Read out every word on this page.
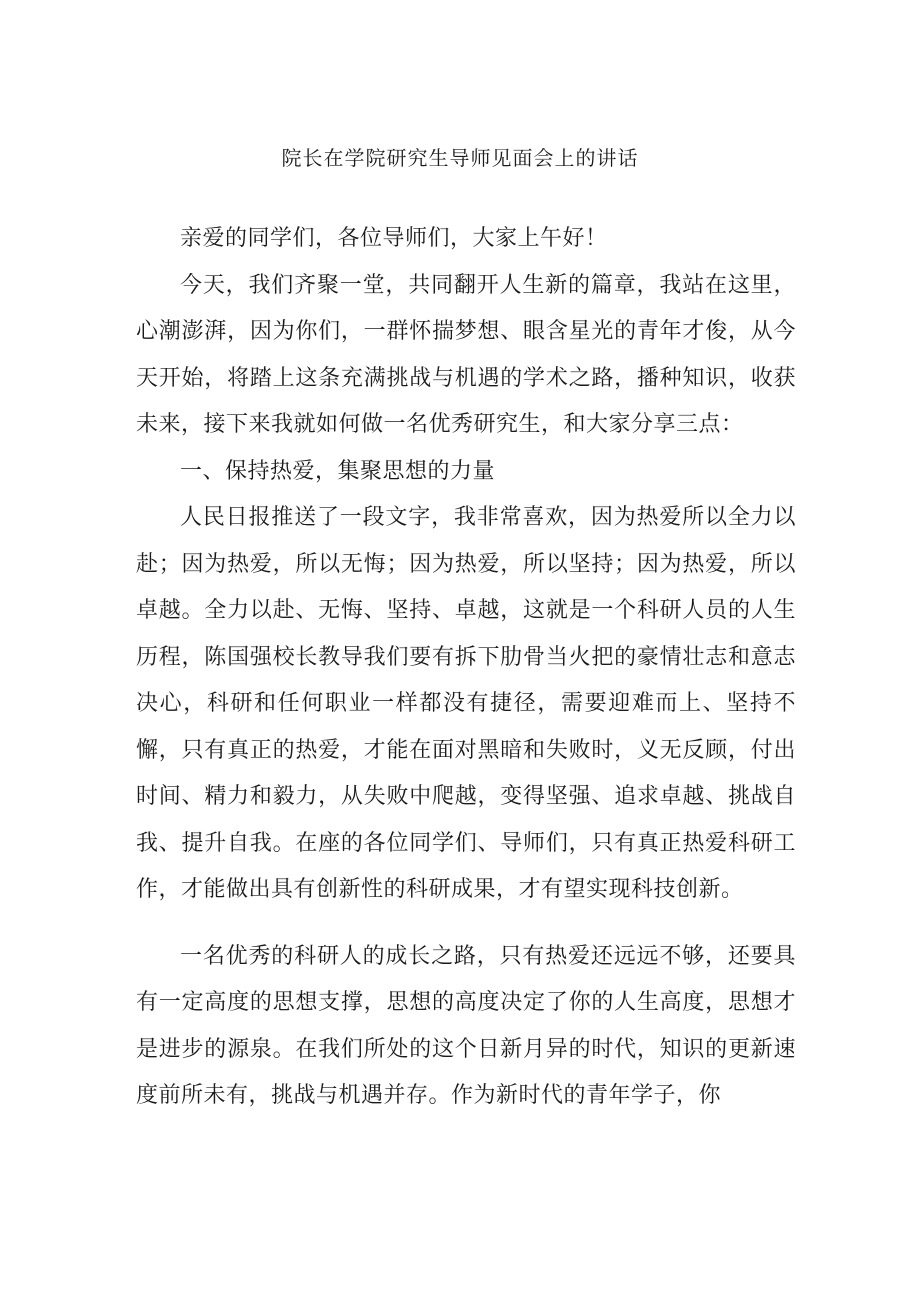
院长在学院研究生导师见面会上的讲话

亲爱的同学们，各位导师们，大家上午好！

今天，我们齐聚一堂，共同翻开人生新的篇章，我站在这里，心潮澎湃，因为你们，一群怀揣梦想、眼含星光的青年才俊，从今天开始，将踏上这条充满挑战与机遇的学术之路，播种知识，收获未来，接下来我就如何做一名优秀研究生，和大家分享三点：

一、保持热爱，集聚思想的力量

人民日报推送了一段文字，我非常喜欢，因为热爱所以全力以赴；因为热爱，所以无悔；因为热爱，所以坚持；因为热爱，所以卓越。全力以赴、无悔、坚持、卓越，这就是一个科研人员的人生历程，陈国强校长教导我们要有拆下肋骨当火把的豪情壮志和意志决心，科研和任何职业一样都没有捷径，需要迎难而上、坚持不懈，只有真正的热爱，才能在面对黑暗和失败时，义无反顾，付出时间、精力和毅力，从失败中爬越，变得坚强、追求卓越、挑战自我、提升自我。在座的各位同学们、导师们，只有真正热爱科研工作，才能做出具有创新性的科研成果，才有望实现科技创新。

一名优秀的科研人的成长之路，只有热爱还远远不够，还要具有一定高度的思想支撑，思想的高度决定了你的人生高度，思想才是进步的源泉。在我们所处的这个日新月异的时代，知识的更新速度前所未有，挑战与机遇并存。作为新时代的青年学子，你
